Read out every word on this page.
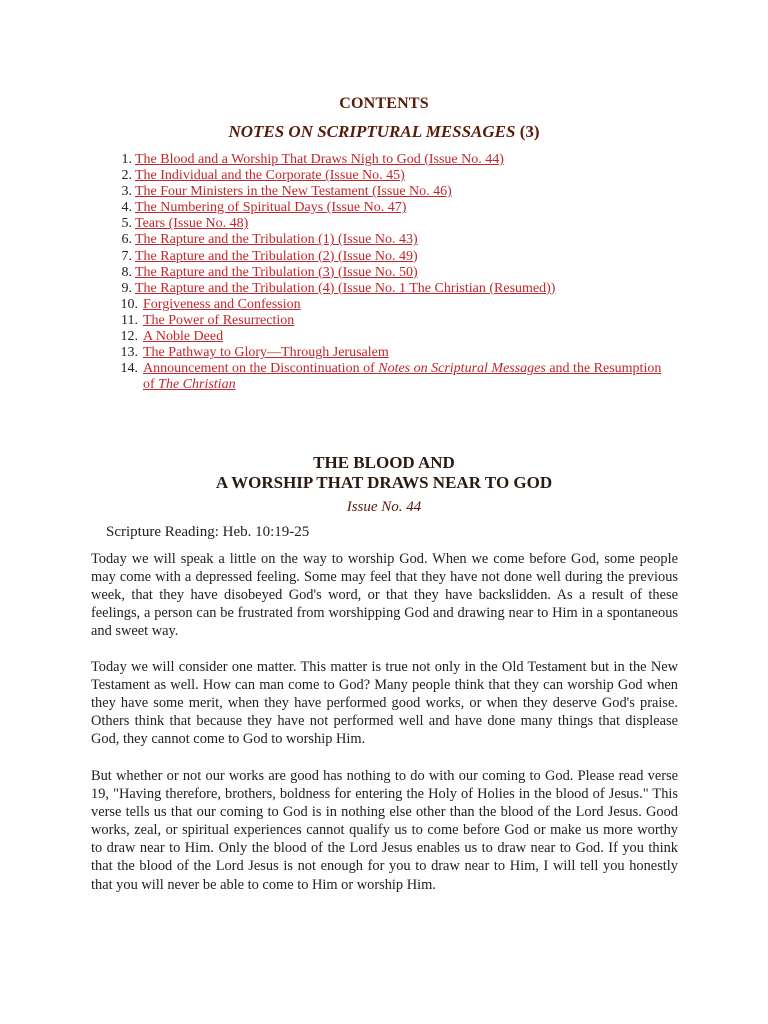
CONTENTS
NOTES ON SCRIPTURAL MESSAGES (3)
1. The Blood and a Worship That Draws Nigh to God (Issue No. 44)
2. The Individual and the Corporate (Issue No. 45)
3. The Four Ministers in the New Testament (Issue No. 46)
4. The Numbering of Spiritual Days (Issue No. 47)
5. Tears (Issue No. 48)
6. The Rapture and the Tribulation (1) (Issue No. 43)
7. The Rapture and the Tribulation (2) (Issue No. 49)
8. The Rapture and the Tribulation (3) (Issue No. 50)
9. The Rapture and the Tribulation (4) (Issue No. 1 The Christian (Resumed))
10. Forgiveness and Confession
11. The Power of Resurrection
12. A Noble Deed
13. The Pathway to Glory—Through Jerusalem
14. Announcement on the Discontinuation of Notes on Scriptural Messages and the Resumption of The Christian
THE BLOOD AND
A WORSHIP THAT DRAWS NEAR TO GOD
Issue No. 44
Scripture Reading: Heb. 10:19-25

Today we will speak a little on the way to worship God. When we come before God, some people may come with a depressed feeling. Some may feel that they have not done well during the previous week, that they have disobeyed God's word, or that they have backslidden. As a result of these feelings, a person can be frustrated from worshipping God and drawing near to Him in a spontaneous and sweet way.

Today we will consider one matter. This matter is true not only in the Old Testament but in the New Testament as well. How can man come to God? Many people think that they can worship God when they have some merit, when they have performed good works, or when they deserve God's praise. Others think that because they have not performed well and have done many things that displease God, they cannot come to God to worship Him.

But whether or not our works are good has nothing to do with our coming to God. Please read verse 19, "Having therefore, brothers, boldness for entering the Holy of Holies in the blood of Jesus." This verse tells us that our coming to God is in nothing else other than the blood of the Lord Jesus. Good works, zeal, or spiritual experiences cannot qualify us to come before God or make us more worthy to draw near to Him. Only the blood of the Lord Jesus enables us to draw near to God. If you think that the blood of the Lord Jesus is not enough for you to draw near to Him, I will tell you honestly that you will never be able to come to Him or worship Him.
